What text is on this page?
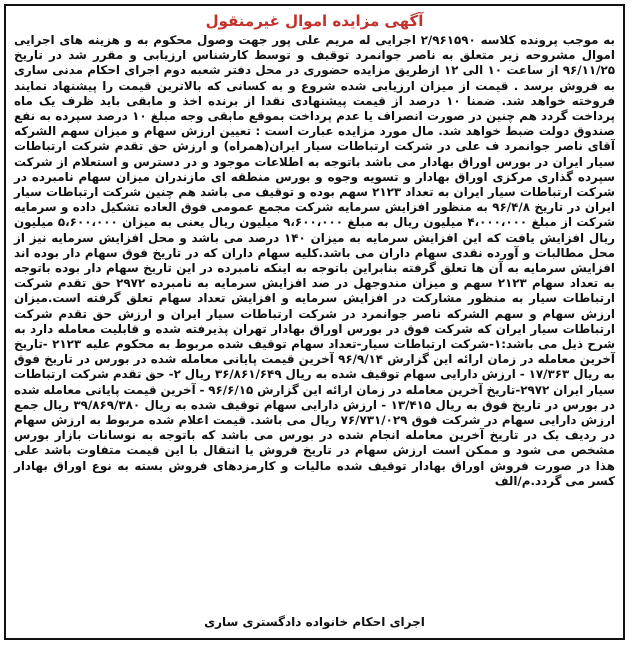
آگهی مزایده اموال غیرمنقول
به موجب پرونده کلاسه ۲/۹۶۱۵۹۰ اجرایی له مریم علی پور جهت وصول محکوم به و هزینه های اجرایی اموال مشروحه زیر متعلق به ناصر جوانمرد توقیف و توسط کارشناس ارزیابی و مقرر شد در تاریخ ۹۶/۱۱/۲۵ از ساعت ۱۰ الی ۱۲ ازطریق مزایده حضوری در محل دفتر شعبه دوم اجرای احکام مدنی ساری به فروش برسد . قیمت از میزان ارزیابی شده شروع و به کسانی که بالاترین قیمت را پیشنهاد نمایند فروخته خواهد شد. ضمنا ۱۰ درصد از قیمت پیشنهادی نقدا از برنده اخذ و مابقی باید ظرف یک ماه پرداخت گردد هم چنین در صورت انصراف یا عدم پرداخت بموقع مابقی وجه مبلغ ۱۰ درصد سپرده به نفع صندوق دولت ضبط خواهد شد. مال مورد مزایده عبارت است : تعیین ارزش سهام و میزان سهم الشرکه آقای ناصر جوانمرد ف علی در شرکت ارتباطات سیار ایران(همراه) و ارزش حق تقدم شرکت ارتباطات سیار ایران در بورس اوراق بهادار می باشد باتوجه به اطلاعات موجود و در دسترس و استعلام از شرکت سپرده گذاری مرکزی اوراق بهادار و تسویه وجوه و بورس منطقه ای مازندران میزان سهام نامبرده در شرکت ارتباطات سیار ایران به تعداد ۲۱۲۳ سهم بوده و توقیف می باشد هم چنین شرکت ارتباطات سیار ایران در تاریخ ۹۶/۴/۸ به منظور افزایش سرمایه شرکت مجمع عمومی فوق العاده تشکیل داده و سرمایه شرکت از مبلغ ۴،۰۰۰،۰۰۰ میلیون ریال به مبلغ ۹،۶۰۰،۰۰۰ میلیون ریال یعنی به میزان ۵،۶۰۰،۰۰۰ میلیون ریال افزایش یافت که این افزایش سرمایه به میزان ۱۴۰ درصد می باشد و محل افزایش سرمایه نیز از محل مطالبات و آورده نقدی سهام داران می باشد.کلیه سهام داران که در تاریخ فوق سهام دار بوده اند افزایش سرمایه به آن ها تعلق گرفته بنابراین باتوجه به اینکه نامبرده در این تاریخ سهام دار بوده باتوجه به تعداد سهام ۲۱۲۳ سهم و میزان مندوجهل در صد افزایش سرمایه به نامبرده ۲۹۷۲ حق تقدم شرکت ارتباطات سیار به منظور مشارکت در افزایش سرمایه و افزایش تعداد سهام تعلق گرفته است.میزان ارزش سهام و سهم الشرکه ناصر جوانمرد در شرکت ارتباطات سیار ایران و ارزش حق تقدم شرکت ارتباطات سیار ایران که شرکت فوق در بورس اوراق بهادار تهران پذیرفته شده و قابلیت معامله دارد به شرح ذیل می باشد:۱-شرکت ارتباطات سیار-تعداد سهام توقیف شده مربوط به محکوم علیه ۲۱۲۳ -تاریخ آخرین معامله در زمان ارائه این گزارش ۹۶/۹/۱۴ آخرین قیمت پایانی معامله شده در بورس در تاریخ فوق به ریال ۱۷/۳۶۳ - ارزش دارایی سهام توقیف شده به ریال ۳۶/۸۶۱/۶۴۹ ریال ۲- حق تقدم شرکت ارتباطات سیار ایران ۲۹۷۲-تاریخ آخرین معامله در زمان ارائه این گزارش ۹۶/۶/۱۵ - آخرین قیمت پایانی معامله شده در بورس در تاریخ فوق به ریال ۱۳/۴۱۵ - ارزش دارایی سهام توقیف شده به ریال ۳۹/۸۶۹/۳۸۰ ریال جمع ارزش دارایی سهام در شرکت فوق ۷۶/۷۳۱/۰۲۹ ریال می باشد. قیمت اعلام شده مربوط به ارزش سهام در ردیف یک در تاریخ آخرین معامله انجام شده در بورس می باشد که باتوجه به نوسانات بازار بورس مشخص می شود و ممکن است ارزش سهام در تاریخ فروش یا انتقال با این قیمت متفاوت باشد علی هذا در صورت فروش اوراق بهادار توقیف شده مالیات و کارمزدهای فروش بسته به نوع اوراق بهادار کسر می گردد.م/الف
اجرای احکام خانواده دادگستری ساری
